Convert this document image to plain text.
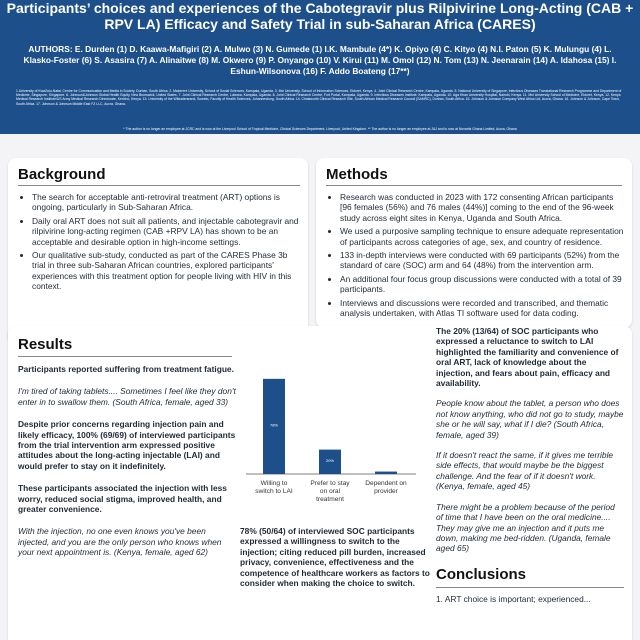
Participants’ choices and experiences of the Cabotegravir plus Rilpivirine Long-Acting (CAB + RPV LA) Efficacy and Safety Trial in sub-Saharan Africa (CARES)

AUTHORS: E. Durden (1) D. Kaawa-Mafigiri (2) A. Mulwo (3) N. Gumede (1) I.K. Mambule (4*) K. Opiyo (4) C. Kityo (4) N.I. Paton (5) K. Mulungu (4) L. Klasko-Foster (6) S. Asasira (7) A. Alinaitwe (8) M. Okwero (9) P. Onyango (10) V. Kirui (11) M. Omol (12) N. Tom (13) N. Jeenarain (14) A. Idahosa (15) I. Eshun-Wilsonova (16) F. Addo Boateng (17**)

1.University of KwaZulu-Natal, Centre for Communication and Media in Society, Durban, South Africa. 2. Makerere University, School of Social Sciences, Kampala, Uganda. 3. Moi University, School of Information Sciences, Eldoret, Kenya. 4. Joint Clinical Research Centre, Kampala, Uganda. 5. National University of Singapore, Infectious Diseases Translational Research Programme and Department of Medicine, Singapore, Singapore. 6. Johnson&Johnson Global Health Equity, New Brunswick, United States. 7. Joint Clinical Research Centre, Lubowa, Kampala, Uganda. 8. Joint Clinical Research Centre, Fort Portal, Kampala, Uganda. 9. Infectious Diseases Institute, Kampala, Uganda. 10. Aga Khan University Hospital, Nairobi, Kenya. 11. Moi University School of Medicine, Eldoret, Kenya. 12. Kenya Medical Research Institute/US Army Medical Research Directorate, Kericho, Kenya. 13. University of the Witwatersrand, Soweto, Faculty of Health Sciences, Johannesburg, South Africa. 14. Chatsworth Clinical Research Site, South African Medical Research Council (SAMRC), Durban, South Africa. 15. Johnson & Johnson Company West Africa Ltd, Accra, Ghana. 16. Johnson & Johnson, Cape Town, South Africa. 17. Johnson & Johnson Middle East FZ LLC, Accra, Ghana.

* The author is no longer an employee at JCRC and is now at the Liverpool School of Tropical Medicine, Clinical Sciences Department, Liverpool, United Kingdom. ** The author is no longer an employee at J&J and is now at Novartis Ghana Limited, Accra, Ghana

Background
• The search for acceptable anti-retroviral treatment (ART) options is ongoing, particularly in Sub-Saharan Africa.
• Daily oral ART does not suit all patients, and injectable cabotegravir and rilpivirine long-acting regimen (CAB +RPV LA) has shown to be an acceptable and desirable option in high-income settings.
• Our qualitative sub-study, conducted as part of the CARES Phase 3b trial in three sub-Saharan African countries, explored participants' experiences with this treatment option for people living with HIV in this context.
Methods
• Research was conducted in 2023 with 172 consenting African participants [96 females (56%) and 76 males (44%)] coming to the end of the 96-week study across eight sites in Kenya, Uganda and South Africa.
• We used a purposive sampling technique to ensure adequate representation of participants across categories of age, sex, and country of residence.
• 133 in-depth interviews were conducted with 69 participants (52%) from the standard of care (SOC) arm and 64 (48%) from the intervention arm.
• An additional four focus group discussions were conducted with a total of 39 participants.
• Interviews and discussions were recorded and transcribed, and thematic analysis undertaken, with Atlas TI software used for data coding.
Results

Participants reported suffering from treatment fatigue.

I'm tired of taking tablets.... Sometimes I feel like they don't enter in to swallow them. (South Africa, female, aged 33)

Despite prior concerns regarding injection pain and likely efficacy, 100% (69/69) of interviewed participants from the trial intervention arm expressed positive attitudes about the long-acting injectable (LAI) and would prefer to stay on it indefinitely.

These participants associated the injection with less worry, reduced social stigma, improved health, and greater convenience.

With the injection, no one even knows you've been injected, and you are the only person who knows when your next appointment is. (Kenya, female, aged 62)

78%
Willing to switch to LAI
20%
Prefer to stay on oral treatment
Dependent on provider

78% (50/64) of interviewed SOC participants expressed a willingness to switch to the injection; citing reduced pill burden, increased privacy, convenience, effectiveness and the competence of healthcare workers as factors to consider when making the choice to switch.

The 20% (13/64) of SOC participants who expressed a reluctance to switch to LAI highlighted the familiarity and convenience of oral ART, lack of knowledge about the injection, and fears about pain, efficacy and availability.

People know about the tablet, a person who does not know anything, who did not go to study, maybe she or he will say, what if I die? (South Africa, female, aged 39)

If it doesn't react the same, if it gives me terrible side effects, that would maybe be the biggest challenge. And the fear of if it doesn't work. (Kenya, female, aged 45)

There might be a problem because of the period of time that I have been on the oral medicine.... They may give me an injection and it puts me down, making me bed-ridden. (Uganda, female aged 65)

Conclusions

1. ART choice is important; experienced...
